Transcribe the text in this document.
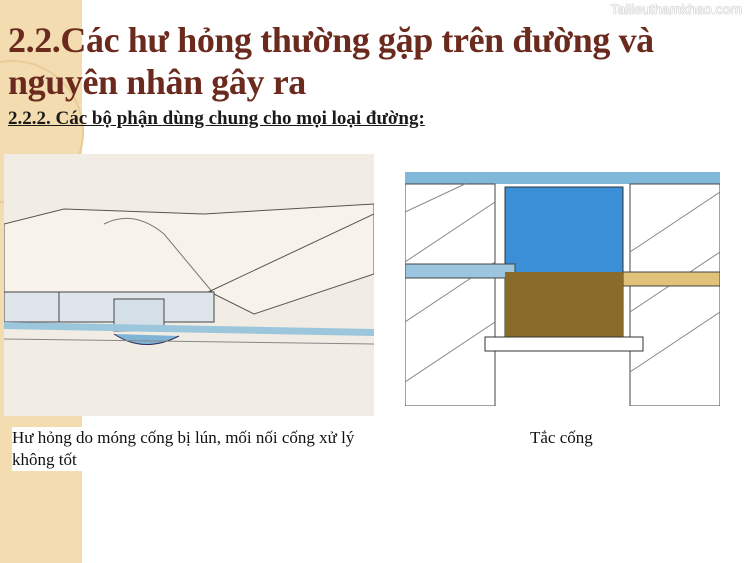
Tailieuthamkhao.com
2.2.Các hư hỏng thường gặp trên đường và nguyên nhân gây ra
2.2.2. Các bộ phận dùng chung cho mọi loại đường:
Hư hỏng do móng cống bị lún, mối nối cống xử lý không tốt
Tắc cống
